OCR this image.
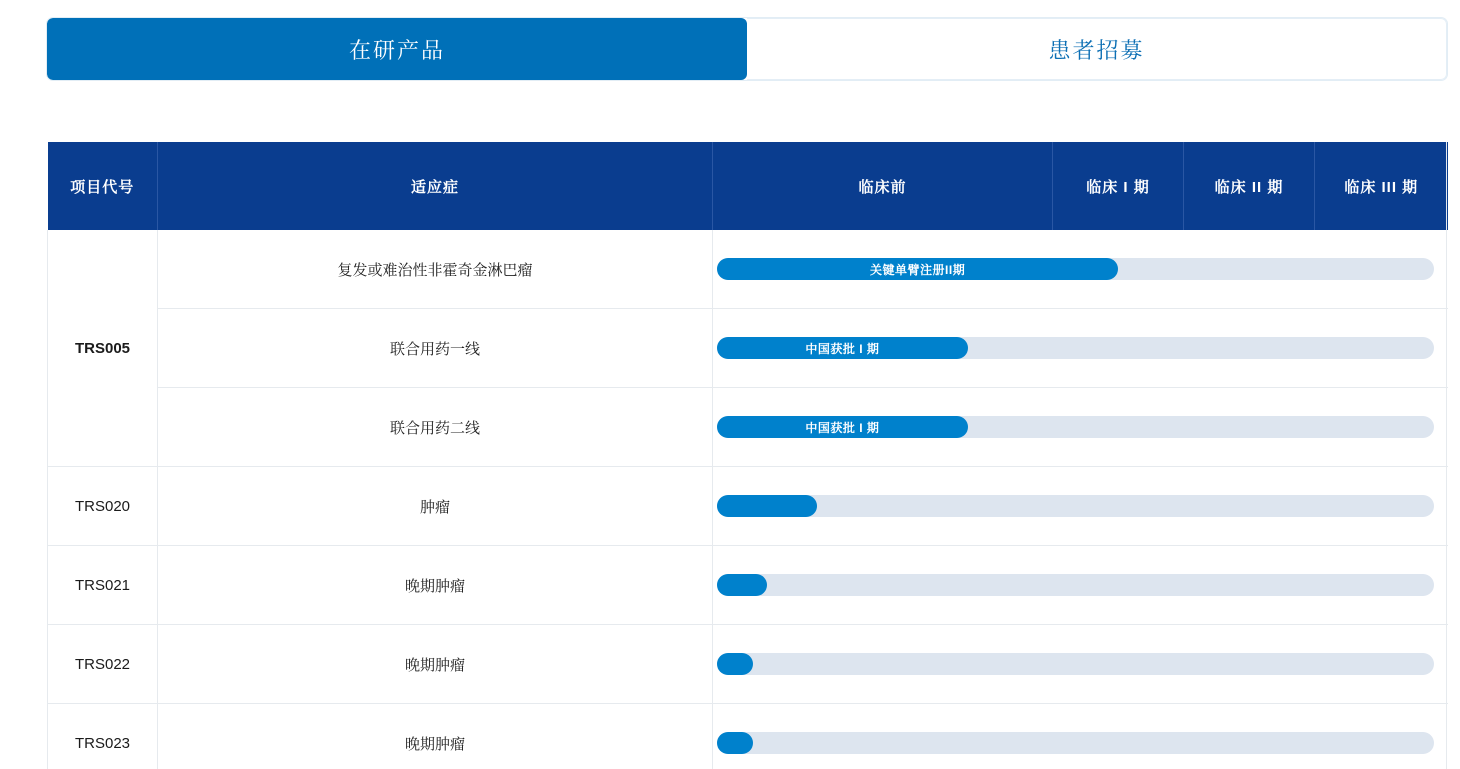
在研产品	患者招募
项目代号	适应症	临床前	临床 I 期	临床 II 期	临床 III 期
TRS005	复发或难治性非霍奇金淋巴瘤	关键单臂注册II期			

	联合用药一线	中国获批 I 期			

	联合用药二线	中国获批 I 期			

TRS020	肿瘤				

TRS021	晚期肿瘤				

TRS022	晚期肿瘤				

TRS023	晚期肿瘤				
